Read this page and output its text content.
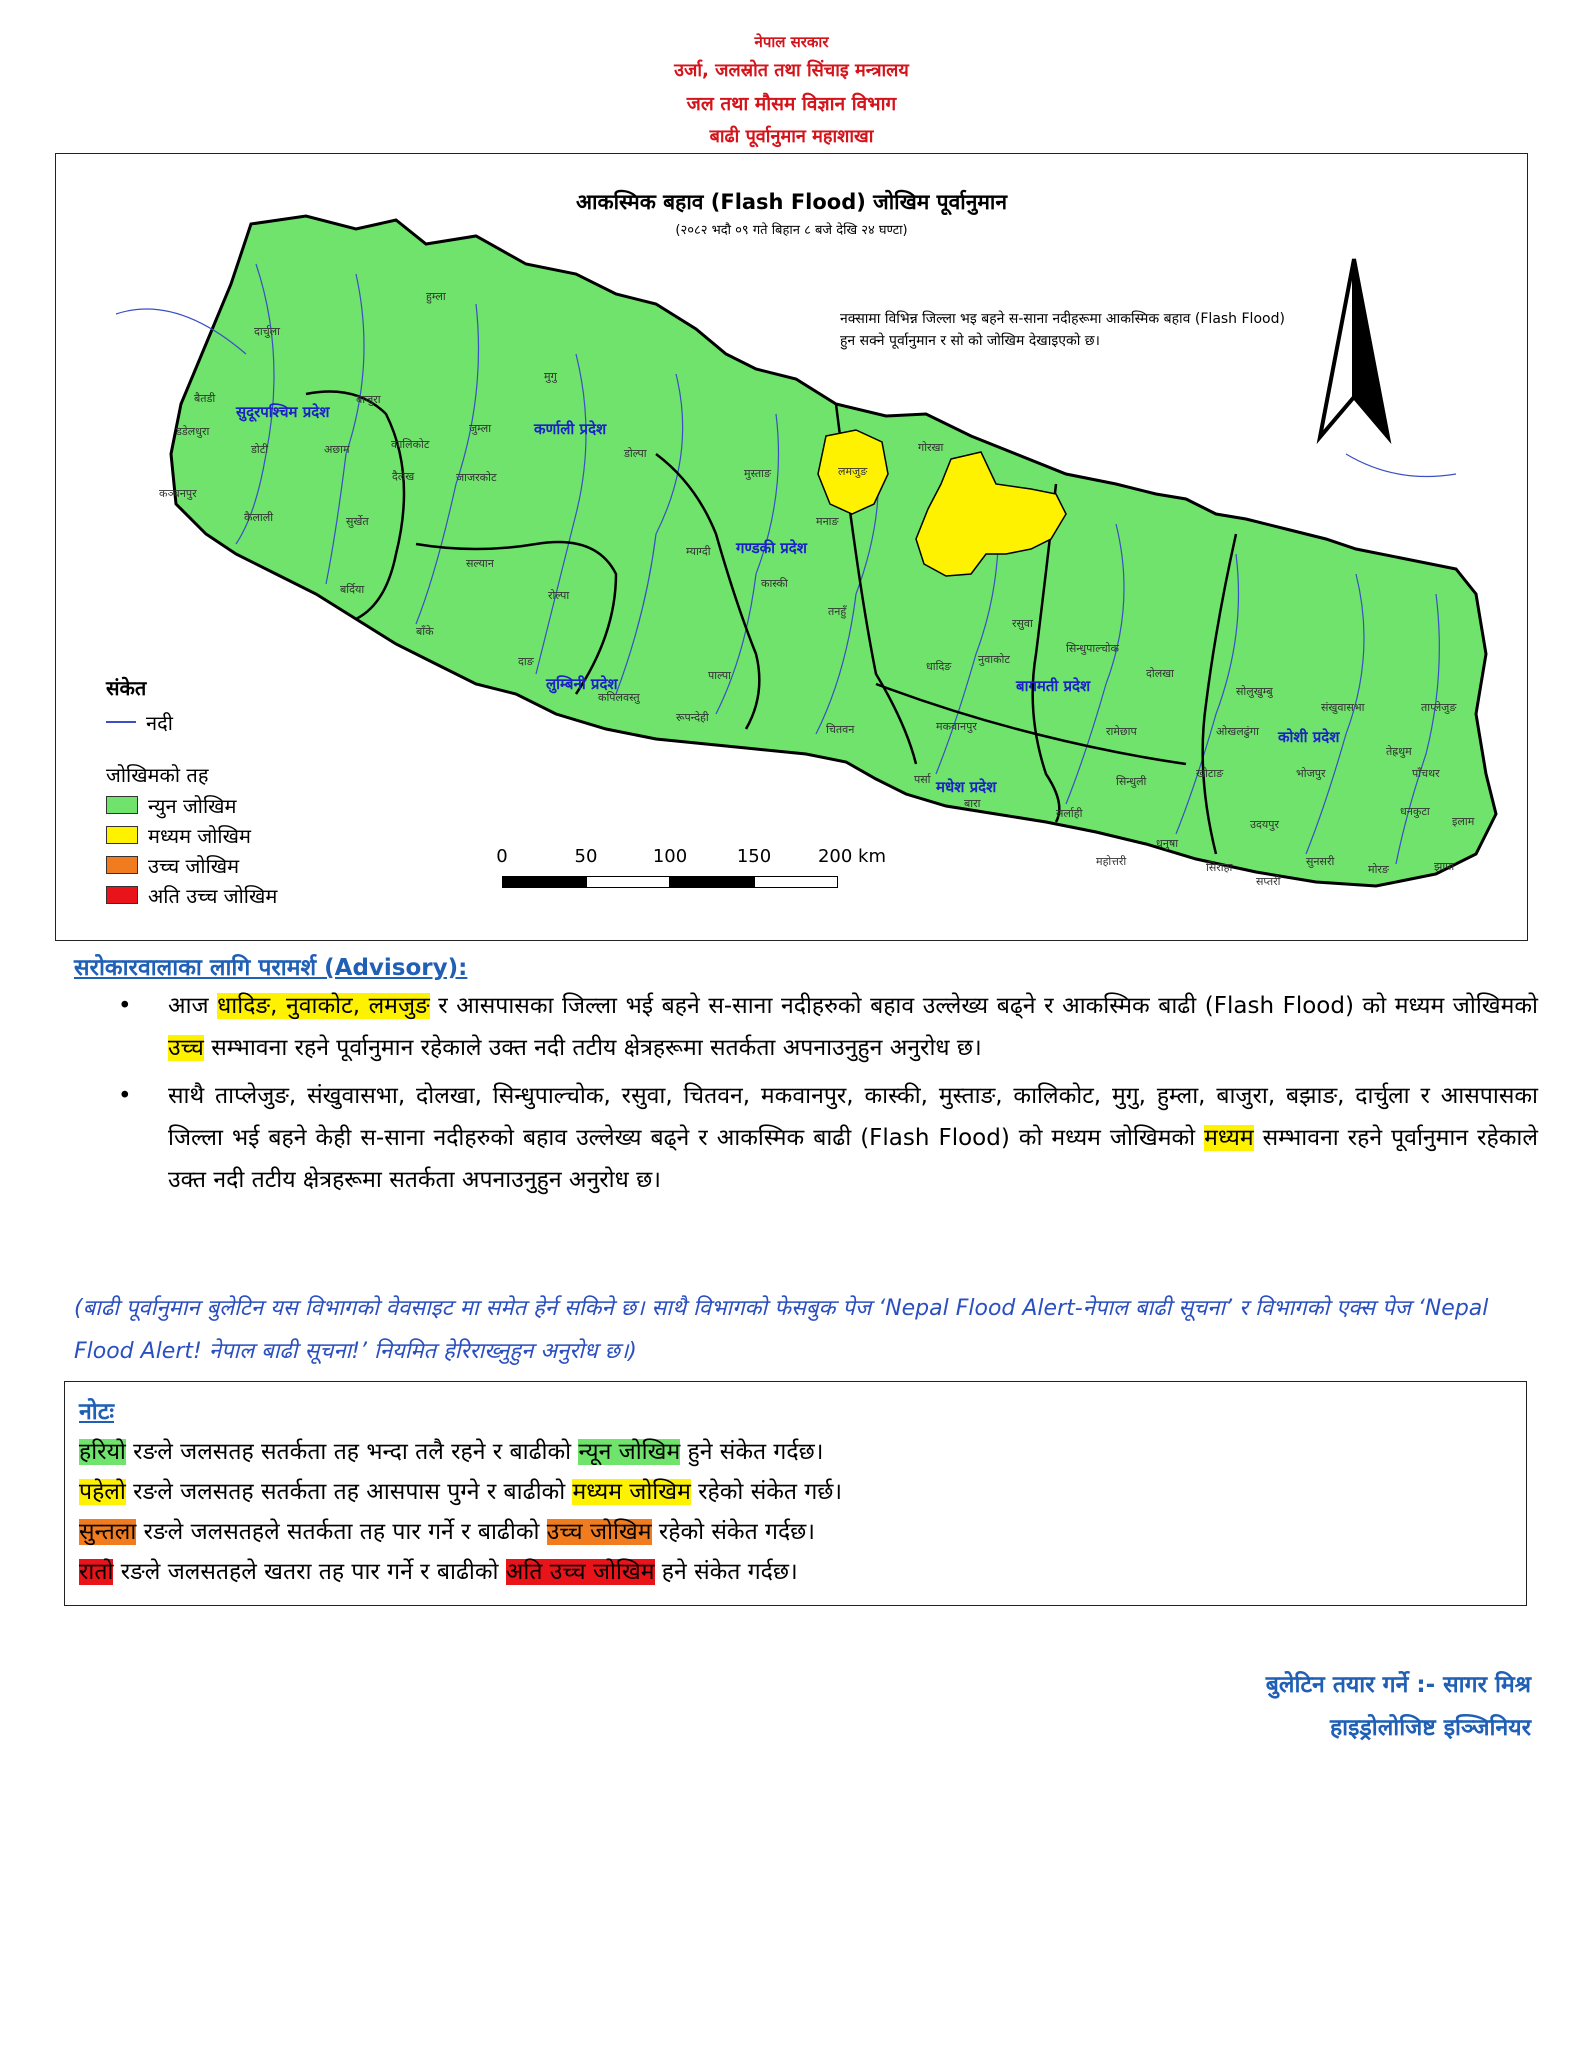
नेपाल सरकार
उर्जा, जलस्रोत तथा सिंचाइ मन्त्रालय
जल तथा मौसम विज्ञान विभाग
बाढी पूर्वानुमान महाशाखा
आकस्मिक बहाव (Flash Flood) जोखिम पूर्वानुमान
(२०८२ भदौ ०९ गते बिहान ८ बजे देखि २४ घण्टा)
नक्सामा विभिन्न जिल्ला भइ बहने स-साना नदीहरूमा आकस्मिक बहाव (Flash Flood) हुन सक्ने पूर्वानुमान र सो को जोखिम देखाइएको छ।
सुदूरपश्चिम प्रदेश
कर्णाली प्रदेश
गण्डकी प्रदेश
लुम्बिनी प्रदेश	बागमती प्रदेश
मधेश प्रदेश
कोशी प्रदेश
दार्चुला
बैतडी
डडेलधुरा
कञ्चनपुर
कैलाली
डोटी	अछाम
बाजुरा
हुम्ला
मुगु
जुम्ला
डोल्पा
कालिकोट
दैलेख
सुर्खेत
जाजरकोट
बर्दिया
बाँके
सल्यान
रोल्पा
दाङ
कपिलवस्तु
रूपन्देही
पाल्पा
मुस्ताङ
म्याग्दी
मनाङ
लमजुङ
कास्की
तनहुँ
गोरखा
धादिङ
नुवाकोट
रसुवा
सिन्धुपाल्चोक
दोलखा
रामेछाप
चितवन	मकवानपुर
पर्सा
बारा
सर्लाही
धनुषा
सिराहा
सप्तरी
उदयपुर
खोटाङ	भोजपुर
संखुवासभा	ताप्लेजुङ
सोलुखुम्बु
धनकुटा
तेह्रथुम
पाँचथर
इलाम
झापा
मोरङ
सुनसरी
सिन्धुली
महोत्तरी
ओखलढुंगा
संकेत
नदी
जोखिमको तह
न्युन जोखिम
मध्यम जोखिम
उच्च जोखिम
अति उच्च जोखिम
0	50	100	150	200 km
सरोकारवालाका लागि परामर्श (Advisory):
• आज धादिङ, नुवाकोट, लमजुङ र आसपासका जिल्ला भई बहने स-साना नदीहरुको बहाव उल्लेख्य बढ्ने र आकस्मिक बाढी (Flash Flood) को मध्यम जोखिमको उच्च सम्भावना रहने पूर्वानुमान रहेकाले उक्त नदी तटीय क्षेत्रहरूमा सतर्कता अपनाउनुहुन अनुरोध छ।
• साथै ताप्लेजुङ, संखुवासभा, दोलखा, सिन्धुपाल्चोक, रसुवा, चितवन, मकवानपुर, कास्की, मुस्ताङ, कालिकोट, मुगु, हुम्ला, बाजुरा, बझाङ, दार्चुला र आसपासका जिल्ला भई बहने केही स-साना नदीहरुको बहाव उल्लेख्य बढ्ने र आकस्मिक बाढी (Flash Flood) को मध्यम जोखिमको मध्यम सम्भावना रहने पूर्वानुमान रहेकाले उक्त नदी तटीय क्षेत्रहरूमा सतर्कता अपनाउनुहुन अनुरोध छ।
(बाढी पूर्वानुमान बुलेटिन यस विभागको वेवसाइट मा समेत हेर्न सकिने छ। साथै विभागको फेसबुक पेज ‘Nepal Flood Alert-नेपाल बाढी सूचना’ र विभागको एक्स पेज ‘Nepal Flood Alert! नेपाल बाढी सूचना!’ नियमित हेरिराख्नुहुन अनुरोध छ।)
नोटः
हरियो रङले जलसतह सतर्कता तह भन्दा तलै रहने र बाढीको न्यून जोखिम हुने संकेत गर्दछ।
पहेलो रङले जलसतह सतर्कता तह आसपास पुग्ने र बाढीको मध्यम जोखिम रहेको संकेत गर्छ।
सुन्तला रङले जलसतहले सतर्कता तह पार गर्ने र बाढीको उच्च जोखिम रहेको संकेत गर्दछ।
रातो रङले जलसतहले खतरा तह पार गर्ने र बाढीको अति उच्च जोखिम हने संकेत गर्दछ।
बुलेटिन तयार गर्ने :- सागर मिश्र
हाइड्रोलोजिष्ट इञ्जिनियर
